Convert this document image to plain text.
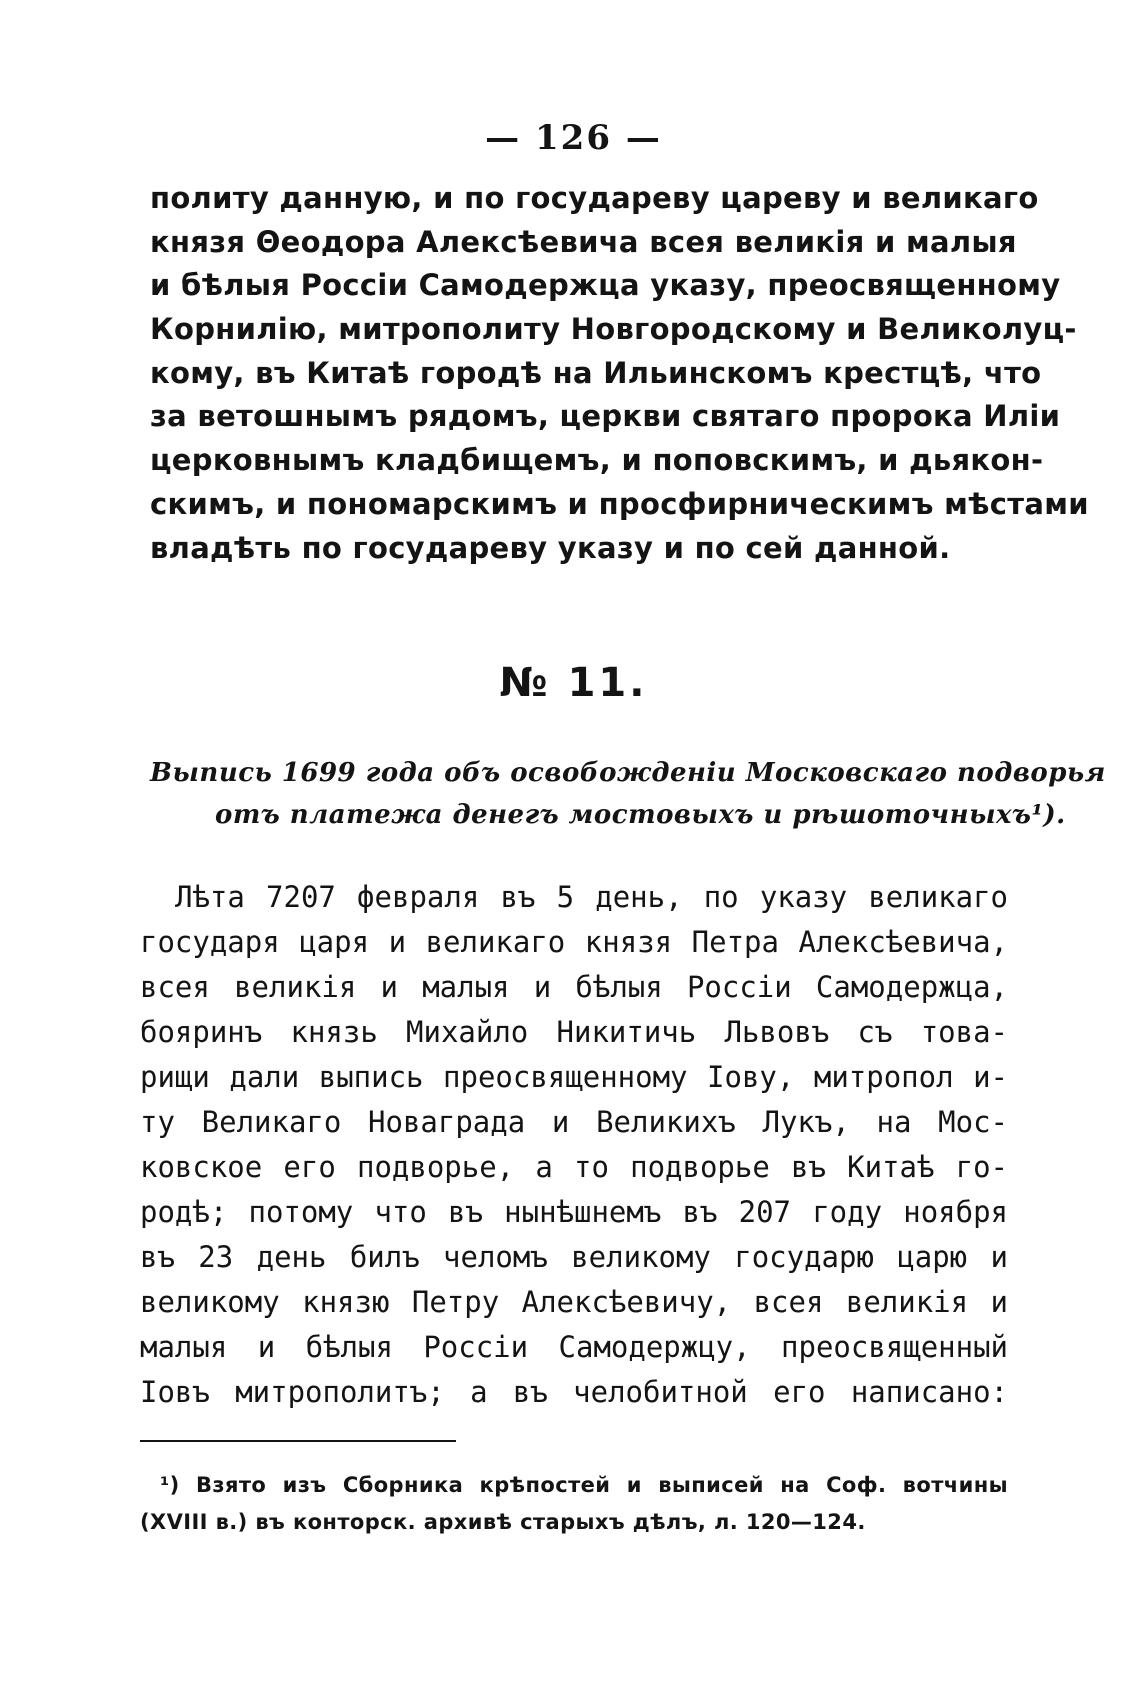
— 126 —
политу данную, и по государеву цареву и великаго
князя Θеодора Алексѣевича всея великія и малыя
и бѣлыя Россіи Самодержца указу, преосвященному
Корнилію, митрополиту Новгородскому и Великолуц-
кому, въ Китаѣ городѣ на Ильинскомъ крестцѣ, что
за ветошнымъ рядомъ, церкви святаго пророка Иліи
церковнымъ кладбищемъ, и поповскимъ, и дьякон-
скимъ, и пономарскимъ и просфирническимъ мѣстами
владѣть по государеву указу и по сей данной.
№ 11.
Выпись 1699 года объ освобожденіи Московскаго подворья
отъ платежа денегъ мостовыхъ и рѣшоточныхъ¹).
Лѣта 7207 февраля въ 5 день, по указу великаго
государя царя и великаго князя Петра Алексѣевича,
всея великія и малыя и бѣлыя Россіи Самодержца,
бояринъ князь Михайло Никитичь Львовъ съ това-
рищи дали выпись преосвященному Іову, митропол и-
ту Великаго Новаграда и Великихъ Лукъ, на Мос-
ковское его подворье, а то подворье въ Китаѣ го-
родѣ; потому что въ нынѣшнемъ въ 207 году ноября
въ 23 день билъ челомъ великому государю царю и
великому князю Петру Алексѣевичу, всея великія и
малыя и бѣлыя Россіи Самодержцу, преосвященный
Іовъ митрополитъ; а въ челобитной его написано:
¹) Взято изъ Сборника крѣпостей и выписей на Соф. вотчины
(XVIII в.) въ конторск. архивѣ старыхъ дѣлъ, л. 120—124.
